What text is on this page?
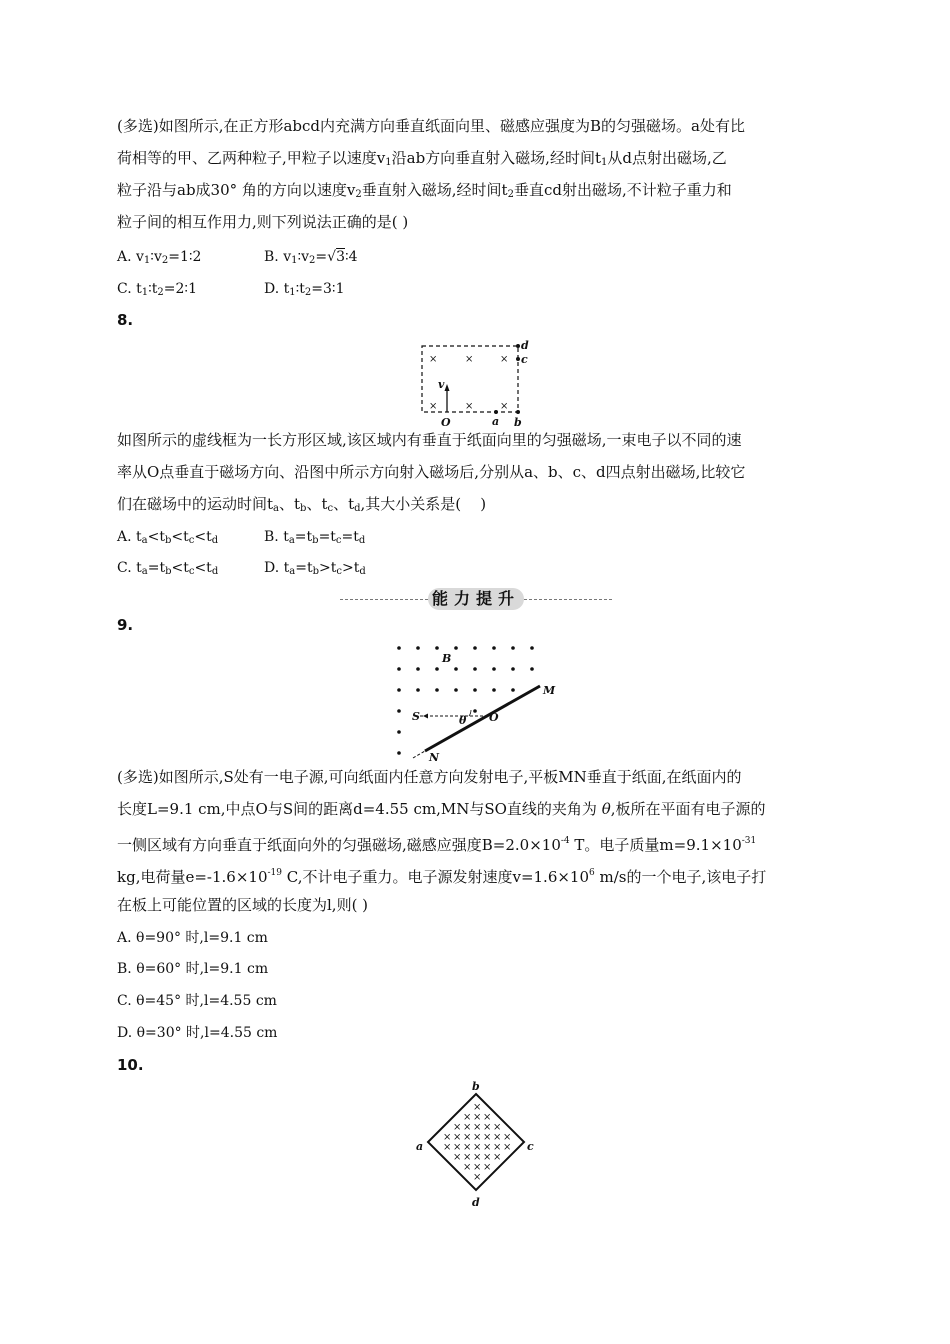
(多选)如图所示,在正方形abcd内充满方向垂直纸面向里、磁感应强度为B的匀强磁场。a处有比

荷相等的甲、乙两种粒子,甲粒子以速度$v_1$沿ab方向垂直射入磁场,经时间$t_1$从d点射出磁场,乙

粒子沿与ab成30° 角的方向以速度$v_2$垂直射入磁场,经时间$t_2$垂直cd射出磁场,不计粒子重力和

粒子间的相互作用力,则下列说法正确的是( )

A. $v_1∶v_2=1∶2$	B. $v_1∶v_2=√3∶4$
C. $t_1∶t_2=2∶1$	D. $t_1∶t_2=3∶1$
8.
×	×	×
×	×	×
d
c
v
O	a b

如图所示的虚线框为一长方形区域,该区域内有垂直于纸面向里的匀强磁场,一束电子以不同的速

率从O点垂直于磁场方向、沿图中所示方向射入磁场后,分别从a、b、c、d四点射出磁场,比较它

们在磁场中的运动时间$t_a$、$t_b$、$t_c$、$t_d$,其大小关系是(    )

A. $t_a<t_b<t_c<t_d$	B. $t_a=t_b=t_c=t_d$
C. $t_a=t_b<t_c<t_d$	D. $t_a=t_b>t_c>t_d$
能力提升
9.
B
M
S	θ O
N

(多选)如图所示,S处有一电子源,可向纸面内任意方向发射电子,平板MN垂直于纸面,在纸面内的

长度L=9.1 cm,中点O与S间的距离d=4.55 cm,MN与SO直线的夹角为 θ,板所在平面有电子源的

一侧区域有方向垂直于纸面向外的匀强磁场,磁感应强度$B=2.0\times 10^{-4}$ T。电子质量$m=9.1\times 10^{-31}$

kg,电荷量$e=-1.6\times 10^{-19}$ C,不计电子重力。电子源发射速度$v=1.6\times 10^6$ m/s的一个电子,该电子打

在板上可能位置的区域的长度为l,则( )

A. θ=90° 时,l=9.1 cm
B. θ=60° 时,l=9.1 cm
C. θ=45° 时,l=4.55 cm
D. θ=30° 时,l=4.55 cm
10.
×
× × ×
× × × × ×
× × × × × × ×
× × × × × × ×
× × × × ×
× × ×
×
b
a	c
d
